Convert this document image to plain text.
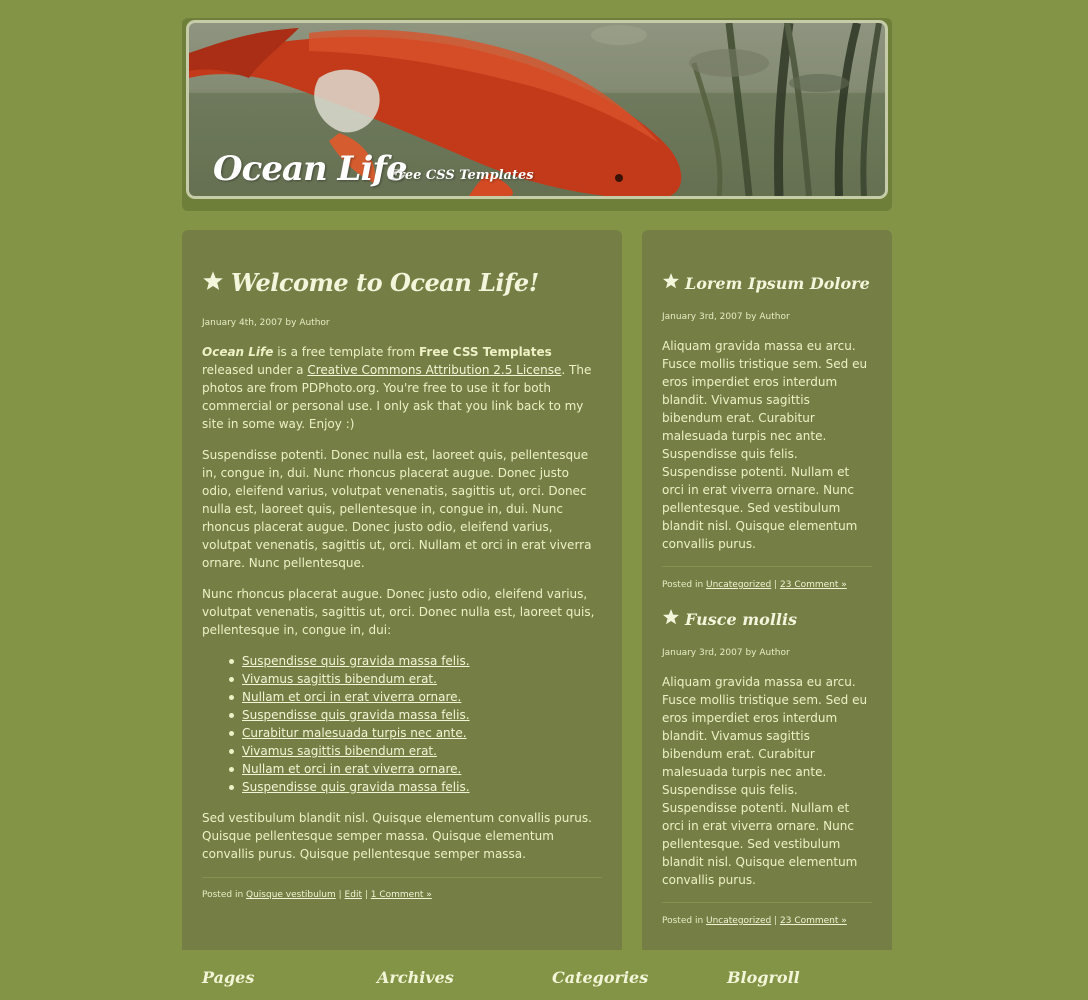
Ocean Life
Free CSS Templates
Welcome to Ocean Life!
January 4th, 2007 by Author

Ocean Life is a free template from Free CSS Templates released under a Creative Commons Attribution 2.5 License. The photos are from PDPhoto.org. You're free to use it for both commercial or personal use. I only ask that you link back to my site in some way. Enjoy :)

Suspendisse potenti. Donec nulla est, laoreet quis, pellentesque in, congue in, dui. Nunc rhoncus placerat augue. Donec justo odio, eleifend varius, volutpat venenatis, sagittis ut, orci. Donec nulla est, laoreet quis, pellentesque in, congue in, dui. Nunc rhoncus placerat augue. Donec justo odio, eleifend varius, volutpat venenatis, sagittis ut, orci. Nullam et orci in erat viverra ornare. Nunc pellentesque.

Nunc rhoncus placerat augue. Donec justo odio, eleifend varius, volutpat venenatis, sagittis ut, orci. Donec nulla est, laoreet quis, pellentesque in, congue in, dui:

Suspendisse quis gravida massa felis.
Vivamus sagittis bibendum erat.
Nullam et orci in erat viverra ornare.
Suspendisse quis gravida massa felis.
Curabitur malesuada turpis nec ante.
Vivamus sagittis bibendum erat.
Nullam et orci in erat viverra ornare.
Suspendisse quis gravida massa felis.

Sed vestibulum blandit nisl. Quisque elementum convallis purus. Quisque pellentesque semper massa. Quisque elementum convallis purus. Quisque pellentesque semper massa.

Posted in Quisque vestibulum | Edit | 1 Comment »
Lorem Ipsum Dolore
January 3rd, 2007 by Author

Aliquam gravida massa eu arcu. Fusce mollis tristique sem. Sed eu eros imperdiet eros interdum blandit. Vivamus sagittis bibendum erat. Curabitur malesuada turpis nec ante. Suspendisse quis felis. Suspendisse potenti. Nullam et orci in erat viverra ornare. Nunc pellentesque. Sed vestibulum blandit nisl. Quisque elementum convallis purus.

Posted in Uncategorized | 23 Comment »
Fusce mollis
January 3rd, 2007 by Author

Aliquam gravida massa eu arcu. Fusce mollis tristique sem. Sed eu eros imperdiet eros interdum blandit. Vivamus sagittis bibendum erat. Curabitur malesuada turpis nec ante. Suspendisse quis felis. Suspendisse potenti. Nullam et orci in erat viverra ornare. Nunc pellentesque. Sed vestibulum blandit nisl. Quisque elementum convallis purus.

Posted in Uncategorized | 23 Comment »
Pages	Archives	Categories	Blogroll
